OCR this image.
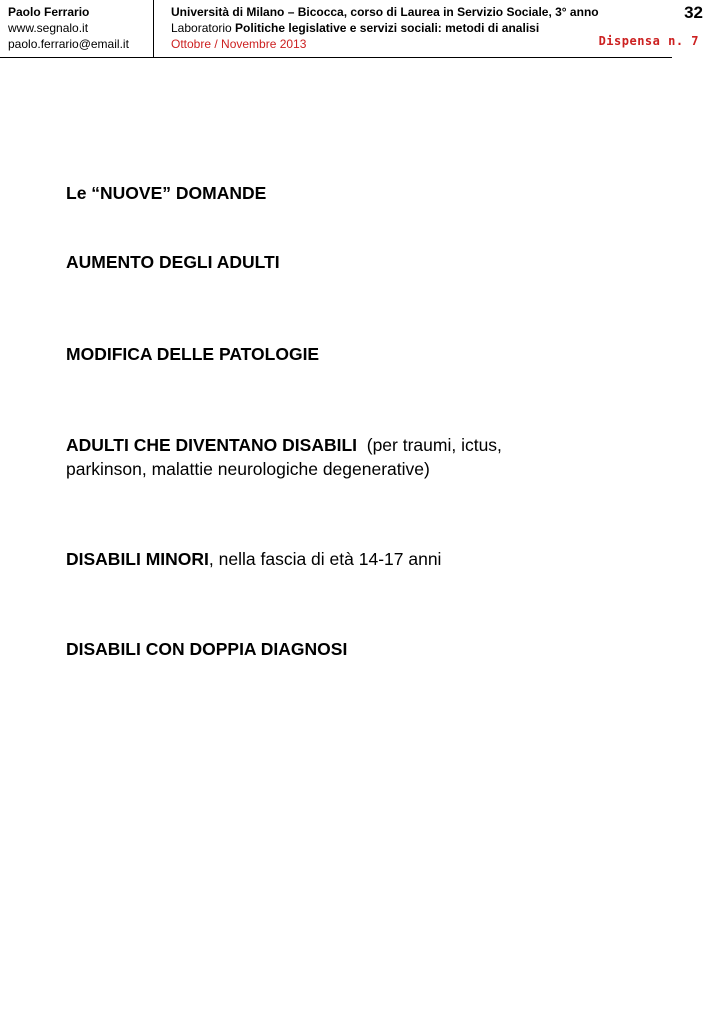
Paolo Ferrario
www.segnalo.it
paolo.ferrario@email.it
Università di Milano – Bicocca, corso di Laurea in Servizio Sociale, 3° anno
Laboratorio Politiche legislative e servizi sociali: metodi di analisi
Ottobre / Novembre 2013
32
Dispensa n. 7
Le “NUOVE” DOMANDE
AUMENTO DEGLI ADULTI
MODIFICA DELLE PATOLOGIE
ADULTI CHE DIVENTANO DISABILI  (per traumi, ictus,
parkinson, malattie neurologiche degenerative)
DISABILI MINORI, nella fascia di età 14-17 anni
DISABILI CON DOPPIA DIAGNOSI
